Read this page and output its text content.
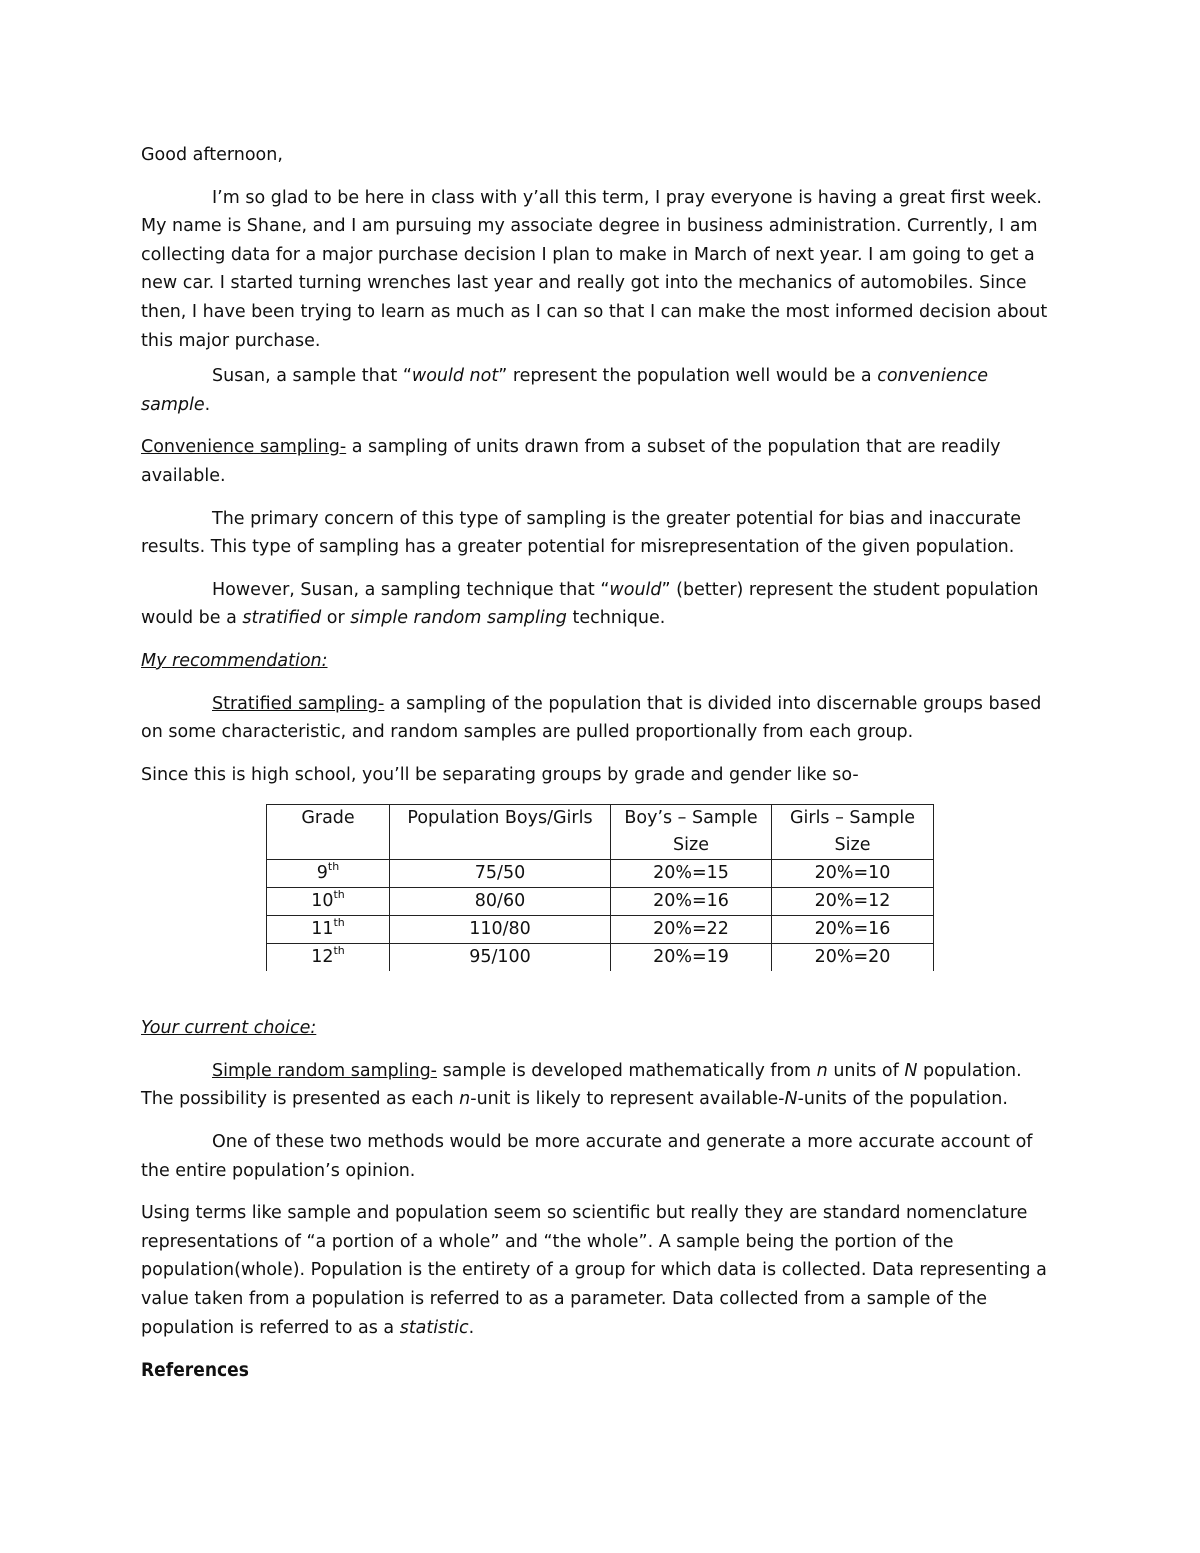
Good afternoon,

I’m so glad to be here in class with y’all this term, I pray everyone is having a great first week. My name is Shane, and I am pursuing my associate degree in business administration. Currently, I am collecting data for a major purchase decision I plan to make in March of next year. I am going to get a new car. I started turning wrenches last year and really got into the mechanics of automobiles. Since then, I have been trying to learn as much as I can so that I can make the most informed decision about this major purchase.

Susan, a sample that “would not” represent the population well would be a convenience sample.

Convenience sampling- a sampling of units drawn from a subset of the population that are readily available.

The primary concern of this type of sampling is the greater potential for bias and inaccurate results. This type of sampling has a greater potential for misrepresentation of the given population.

However, Susan, a sampling technique that “would” (better) represent the student population would be a stratified or simple random sampling technique.

My recommendation:

Stratified sampling- a sampling of the population that is divided into discernable groups based on some characteristic, and random samples are pulled proportionally from each group.

Since this is high school, you’ll be separating groups by grade and gender like so-

Grade	Population Boys/Girls	Boy’s – Sample Size	Girls – Sample Size
9th	75/50	20%=15	20%=10
10th	80/60	20%=16	20%=12
11th	110/80	20%=22	20%=16
12th	95/100	20%=19	20%=20

Your current choice:

Simple random sampling- sample is developed mathematically from n units of N population. The possibility is presented as each n-unit is likely to represent available-N-units of the population.

One of these two methods would be more accurate and generate a more accurate account of the entire population’s opinion.

Using terms like sample and population seem so scientific but really they are standard nomenclature representations of “a portion of a whole” and “the whole”. A sample being the portion of the population(whole). Population is the entirety of a group for which data is collected. Data representing a value taken from a population is referred to as a parameter. Data collected from a sample of the population is referred to as a statistic.

References
